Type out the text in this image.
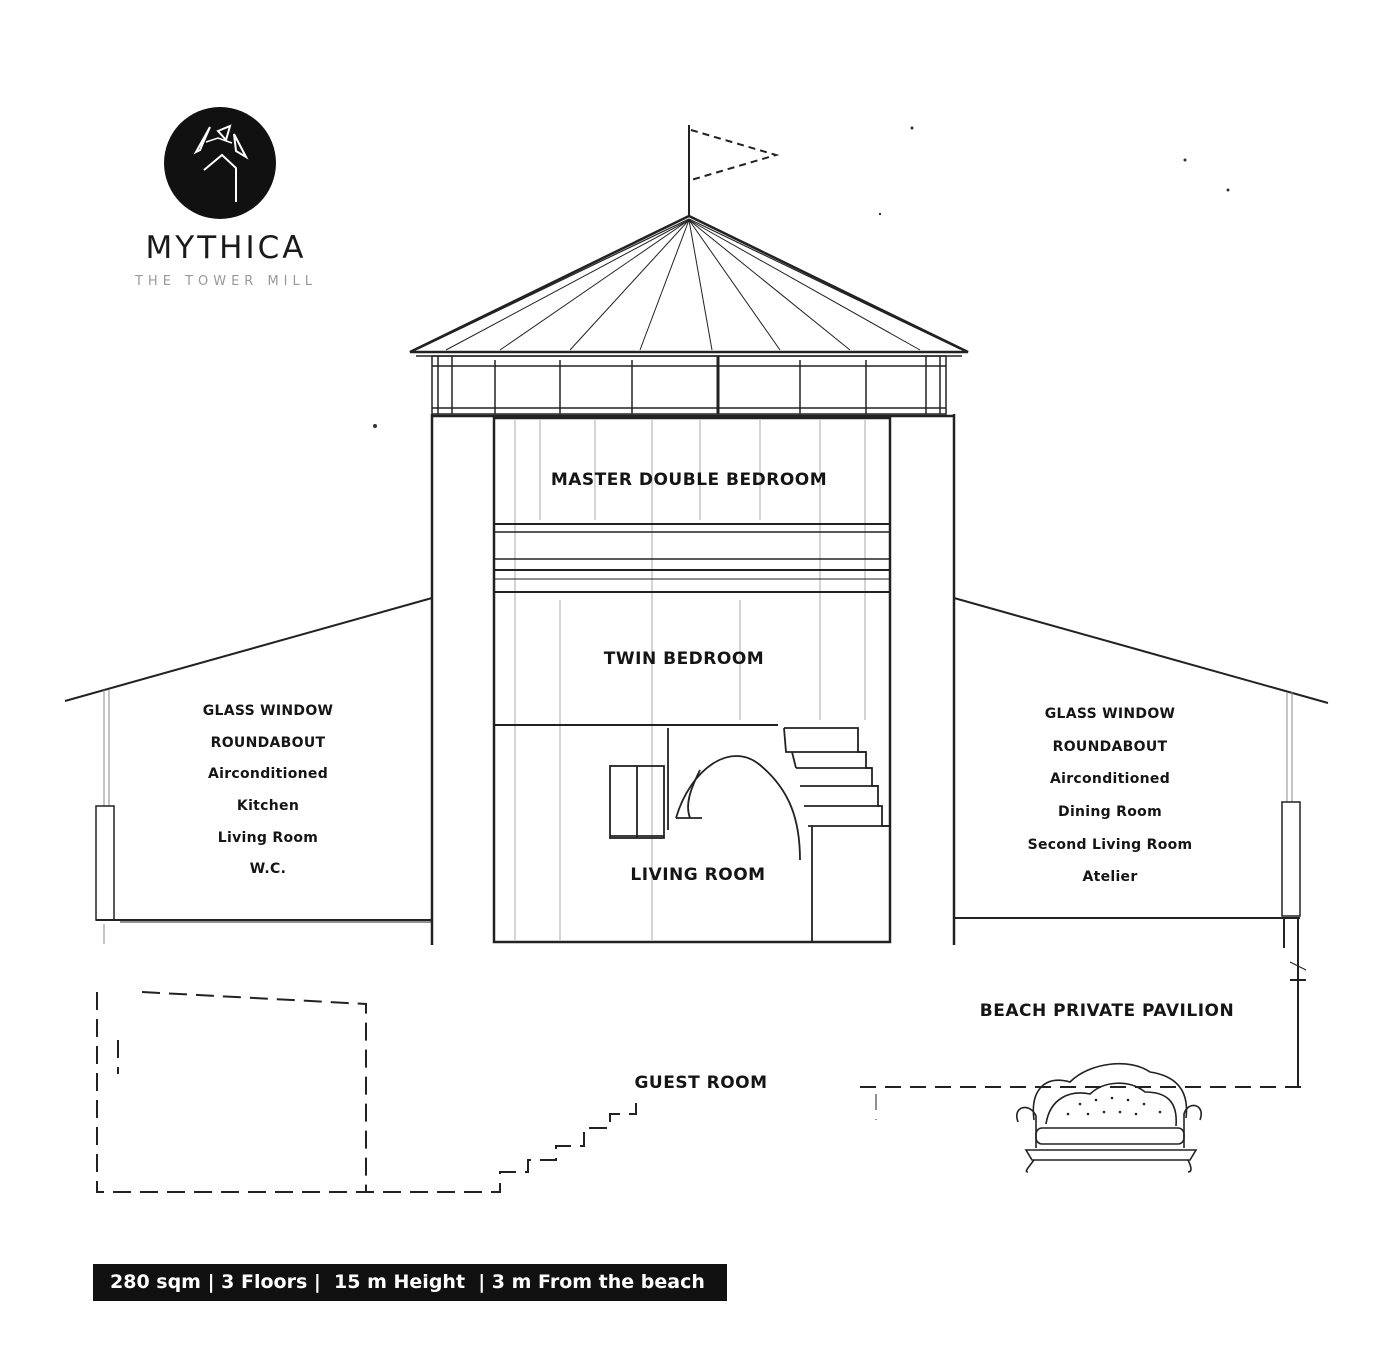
MYTHICA
THE TOWER MILL
MASTER DOUBLE BEDROOM
TWIN BEDROOM
LIVING ROOM
GLASS WINDOW
ROUNDABOUT
Airconditioned
Kitchen
Living Room
W.C.
GLASS WINDOW
ROUNDABOUT
Airconditioned
Dining Room
Second Living Room
Atelier
BEACH PRIVATE PAVILION
GUEST ROOM
280 sqm | 3 Floors |  15 m Height  | 3 m From the beach
